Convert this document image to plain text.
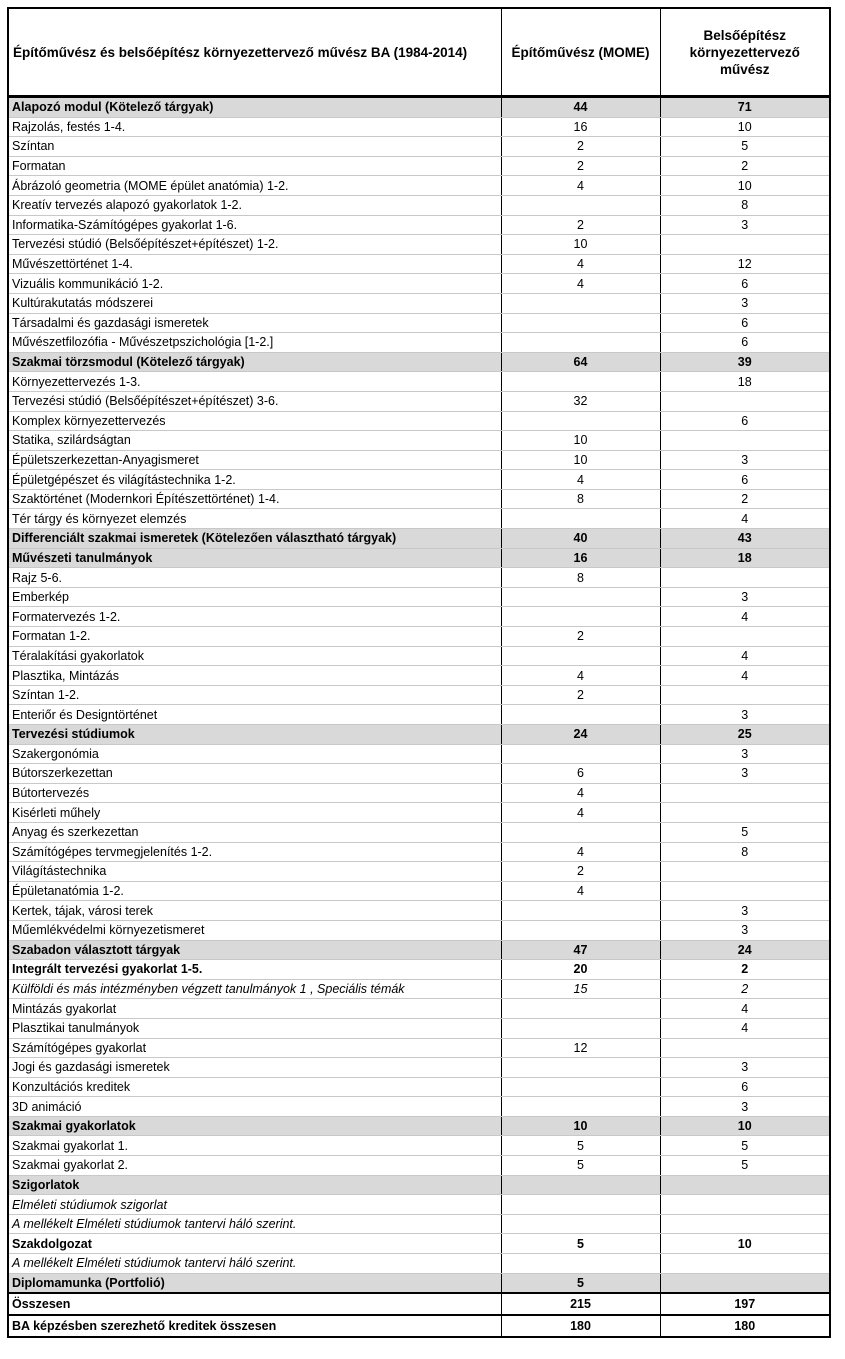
Építőművész és belsőépítész környezettervező művész BA (1984-2014)	Építőművész (MOME)	Belsőépítész környezettervező művész
Alapozó modul (Kötelező tárgyak)	44	71
Rajzolás, festés 1-4.	16	10
Színtan	2	5
Formatan	2	2
Ábrázoló geometria (MOME épület anatómia) 1-2.	4	10
Kreatív tervezés alapozó gyakorlatok 1-2.		8
Informatika-Számítógépes gyakorlat 1-6.	2	3
Tervezési stúdió (Belsőépítészet+építészet) 1-2.	10	
Művészettörténet 1-4.	4	12
Vizuális kommunikáció 1-2.	4	6
Kultúrakutatás módszerei		3
Társadalmi és gazdasági ismeretek		6
Művészetfilozófia - Művészetpszichológia [1-2.]		6
Szakmai törzsmodul (Kötelező tárgyak)	64	39
Környezettervezés 1-3.		18
Tervezési stúdió (Belsőépítészet+építészet) 3-6.	32	
Komplex környezettervezés		6
Statika, szilárdságtan	10	
Épületszerkezettan-Anyagismeret	10	3
Épületgépészet és világítástechnika 1-2.	4	6
Szaktörténet (Modernkori Építészettörténet) 1-4.	8	2
Tér tárgy és környezet elemzés		4
Differenciált szakmai ismeretek (Kötelezően választható tárgyak)	40	43
Művészeti tanulmányok	16	18
Rajz 5-6.	8	
Emberkép		3
Formatervezés 1-2.		4
Formatan 1-2.	2	
Téralakítási gyakorlatok		4
Plasztika, Mintázás	4	4
Színtan 1-2.	2	
Enteriőr és Designtörténet		3
Tervezési stúdiumok	24	25
Szakergonómia		3
Bútorszerkezettan	6	3
Bútortervezés	4	
Kisérleti műhely	4	
Anyag és szerkezettan		5
Számítógépes tervmegjelenítés 1-2.	4	8
Világítástechnika	2	
Épületanatómia 1-2.	4	
Kertek, tájak, városi terek		3
Műemlékvédelmi környezetismeret		3
Szabadon választott tárgyak	47	24
Integrált tervezési gyakorlat 1-5.	20	2
Külföldi és más intézményben végzett tanulmányok 1 , Speciális témák	15	2
Mintázás gyakorlat		4
Plasztikai tanulmányok		4
Számítógépes gyakorlat	12	
Jogi és gazdasági ismeretek		3
Konzultációs kreditek		6
3D animáció		3
Szakmai gyakorlatok	10	10
Szakmai gyakorlat 1.	5	5
Szakmai gyakorlat 2.	5	5
Szigorlatok		
Elméleti stúdiumok szigorlat		
A mellékelt Elméleti stúdiumok tantervi háló szerint.		
Szakdolgozat	5	10
A mellékelt Elméleti stúdiumok tantervi háló szerint.		
Diplomamunka (Portfolió)	5	
Összesen	215	197
BA képzésben szerezhető kreditek összesen	180	180
